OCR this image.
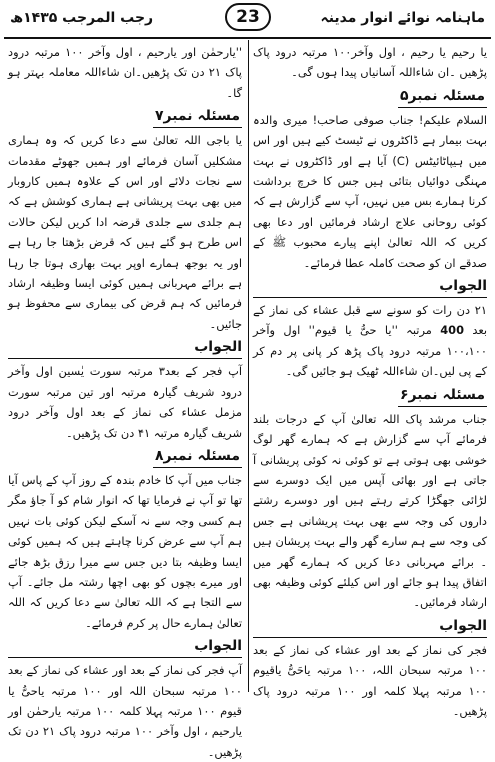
ماہنامہ نوائے انوار مدینہ
رجب المرجب ۱۴۳۵ھ	23

یا رحیم یا رحیم ، اول وآخر۱۰۰ مرتبہ درود پاک پڑھیں ۔ان شاءاللہ آسانیاں پیدا ہوں گی۔

مسئلہ نمبر۵

السلام علیکم! جناب صوفی صاحب! میری والدہ بہت بیمار ہے ڈاکٹروں نے ٹیسٹ کیے ہیں اور اس میں ہیپاٹائیٹس (C) آیا ہے اور ڈاکٹروں نے بہت مہنگی دوائیاں بتائی ہیں جس کا خرچ برداشت کرنا ہمارے بس میں نہیں، آپ سے گزارش ہے کہ کوئی روحانی علاج ارشاد فرمائیں اور دعا بھی کریں کہ اللہ تعالیٰ اپنے پیارے محبوب ﷺ کے صدقے ان کو صحت کاملہ عطا فرمائے۔

الجواب

۲۱ دن رات کو سونے سے قبل عشاء کی نماز کے بعد 400 مرتبہ ''یا حیُّ یا قیوم'' اول وآخر ۱۰۰،۱۰۰ مرتبہ درود پاک پڑھ کر پانی پر دم کر کے پی لیں۔ان شاءاللہ ٹھیک ہو جائیں گی۔

مسئلہ نمبر۶

جناب مرشد پاک اللہ تعالیٰ آپ کے درجات بلند فرمائے آپ سے گزارش ہے کہ ہمارے گھر لوگ خوشی بھی ہوتی ہے تو کوئی نہ کوئی پریشانی آ جاتی ہے اور بھائی آپس میں ایک دوسرے سے لڑائی جھگڑا کرتے رہتے ہیں اور دوسرے رشتے داروں کی وجہ سے بھی بہت پریشانی ہے جس کی وجہ سے ہم سارے گھر والے بہت پریشان ہیں ۔ برائے مہربانی دعا کریں کہ ہمارے گھر میں اتفاق پیدا ہو جائے اور اس کیلئے کوئی وظیفہ بھی ارشاد فرمائیں۔

الجواب

فجر کی نماز کے بعد اور عشاء کی نماز کے بعد ۱۰۰ مرتبہ سبحان اللہ، ۱۰۰ مرتبہ یاحَیُّ یاقیوم ۱۰۰ مرتبہ پہلا کلمہ اور ۱۰۰ مرتبہ درود پاک پڑھیں۔

''یارحمٰن اور یارحیم ، اول وآخر ۱۰۰ مرتبہ درود پاک ۲۱ دن تک پڑھیں۔ان شاءاللہ معاملہ بہتر ہو گا۔

مسئلہ نمبر۷

یا باجی اللہ تعالیٰ سے دعا کریں کہ وہ ہماری مشکلیں آسان فرمائے اور ہمیں جھوٹے مقدمات سے نجات دلائے اور اس کے علاوہ ہمیں کاروبار میں بھی بہت پریشانی ہے ہماری کوشش ہے کہ ہم جلدی سے جلدی قرضہ ادا کریں لیکن حالات اس طرح ہو گئے ہیں کہ قرض بڑھتا جا رہا ہے اور یہ بوجھ ہمارے اوپر بہت بھاری ہوتا جا رہا ہے برائے مہربانی ہمیں کوئی ایسا وظیفہ ارشاد فرمائیں کہ ہم قرض کی بیماری سے محفوظ ہو جائیں۔

الجواب

آپ فجر کے بعد۳ مرتبہ سورت یٰسین اول وآخر درود شریف گیارہ مرتبہ اور تین مرتبہ سورت مزمل عشاء کی نماز کے بعد اول وآخر درود شریف گیارہ مرتبہ ۴۱ دن تک پڑھیں۔

مسئلہ نمبر۸

جناب میں آپ کا خادم بندہ کے روز آپ کے پاس آیا تھا تو آپ نے فرمایا تھا کہ انوار شام کو آ جاؤ مگر ہم کسی وجہ سے نہ آسکے لیکن کوئی بات نہیں ہم آپ سے عرض کرنا چاہتے ہیں کہ ہمیں کوئی ایسا وظیفہ بتا دیں جس سے میرا رزق بڑھ جائے اور میرے بچوں کو بھی اچھا رشتہ مل جائے۔ آپ سے التجا ہے کہ اللہ تعالیٰ سے دعا کریں کہ اللہ تعالیٰ ہمارے حال پر کرم فرمائے۔

الجواب

آپ فجر کی نماز کے بعد اور عشاء کی نماز کے بعد ۱۰۰ مرتبہ سبحان اللہ اور ۱۰۰ مرتبہ یاحیُّ یا قیوم ۱۰۰ مرتبہ پہلا کلمہ ۱۰۰ مرتبہ یارحمٰن اور یارحیم ، اول وآخر ۱۰۰ مرتبہ درود پاک ۲۱ دن تک پڑھیں۔
